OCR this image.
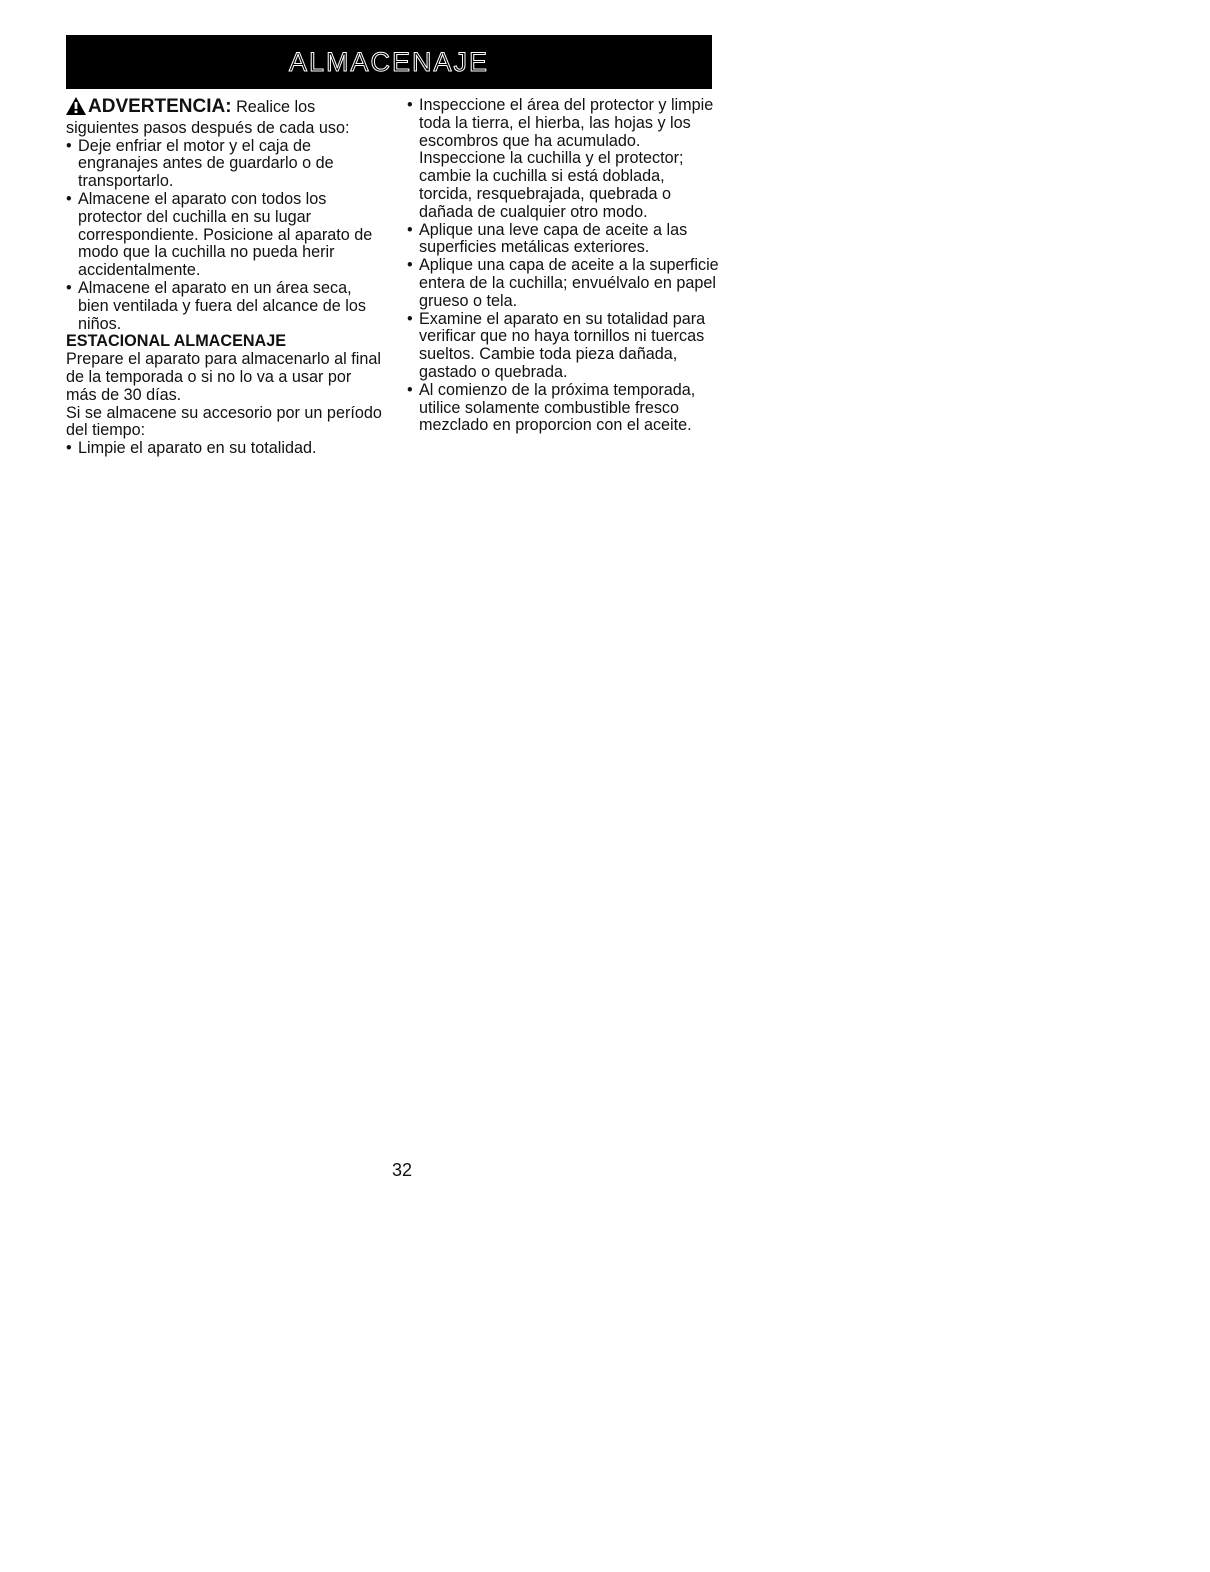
ALMACENAJE

ADVERTENCIA: Realice los siguientes pasos después de cada uso:

• Deje enfriar el motor y el caja de engranajes antes de guardarlo o de transportarlo.
• Almacene el aparato con todos los protector del cuchilla en su lugar correspondiente. Posicione al aparato de modo que la cuchilla no pueda herir accidentalmente.
• Almacene el aparato en un área seca, bien ventilada y fuera del alcance de los niños.

ESTACIONAL ALMACENAJE

Prepare el aparato para almacenarlo al final de la temporada o si no lo va a usar por más de 30 días.

Si se almacene su accesorio por un período del tiempo:

• Limpie el aparato en su totalidad.
• Inspeccione el área del protector y limpie toda la tierra, el hierba, las hojas y los escombros que ha acumulado. Inspeccione la cuchilla y el protector; cambie la cuchilla si está doblada, torcida, resquebrajada, quebrada o dañada de cualquier otro modo.
• Aplique una leve capa de aceite a las superficies metálicas exteriores.
• Aplique una capa de aceite a la superficie entera de la cuchilla; envuélvalo en papel grueso o tela.
• Examine el aparato en su totalidad para verificar que no haya tornillos ni tuercas sueltos. Cambie toda pieza dañada, gastado o quebrada.
• Al comienzo de la próxima temporada, utilice solamente combustible fresco mezclado en proporcion con el aceite.
32
